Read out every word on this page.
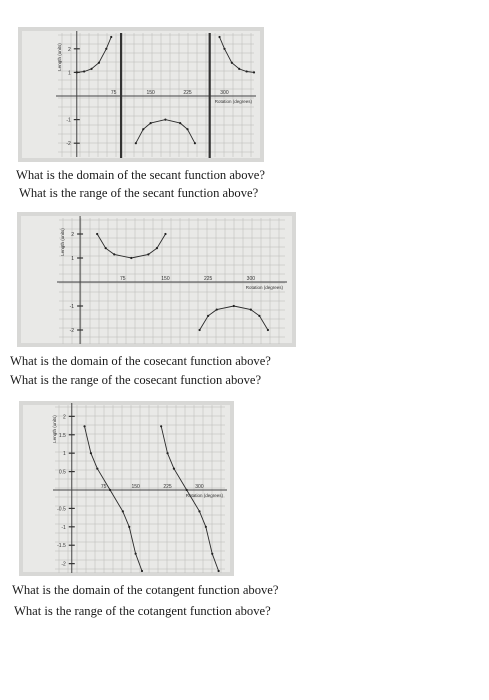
75	150	225	300
2
1
-1
-2
Rotation (degrees)
Length (units)

What is the domain of the secant function above?

What is the range of the secant function above?

75	150	225	300
2
1
-1
-2
Rotation (degrees)
Length (units)

What is the domain of the cosecant function above?

What is the range of the cosecant function above?

75	150	225	300
2
1.5
1
0.5
-0.5
-1
-1.5
-2
Rotation (degrees)
Length (units)

What is the domain of the cotangent function above?

What is the range of the cotangent function above?
